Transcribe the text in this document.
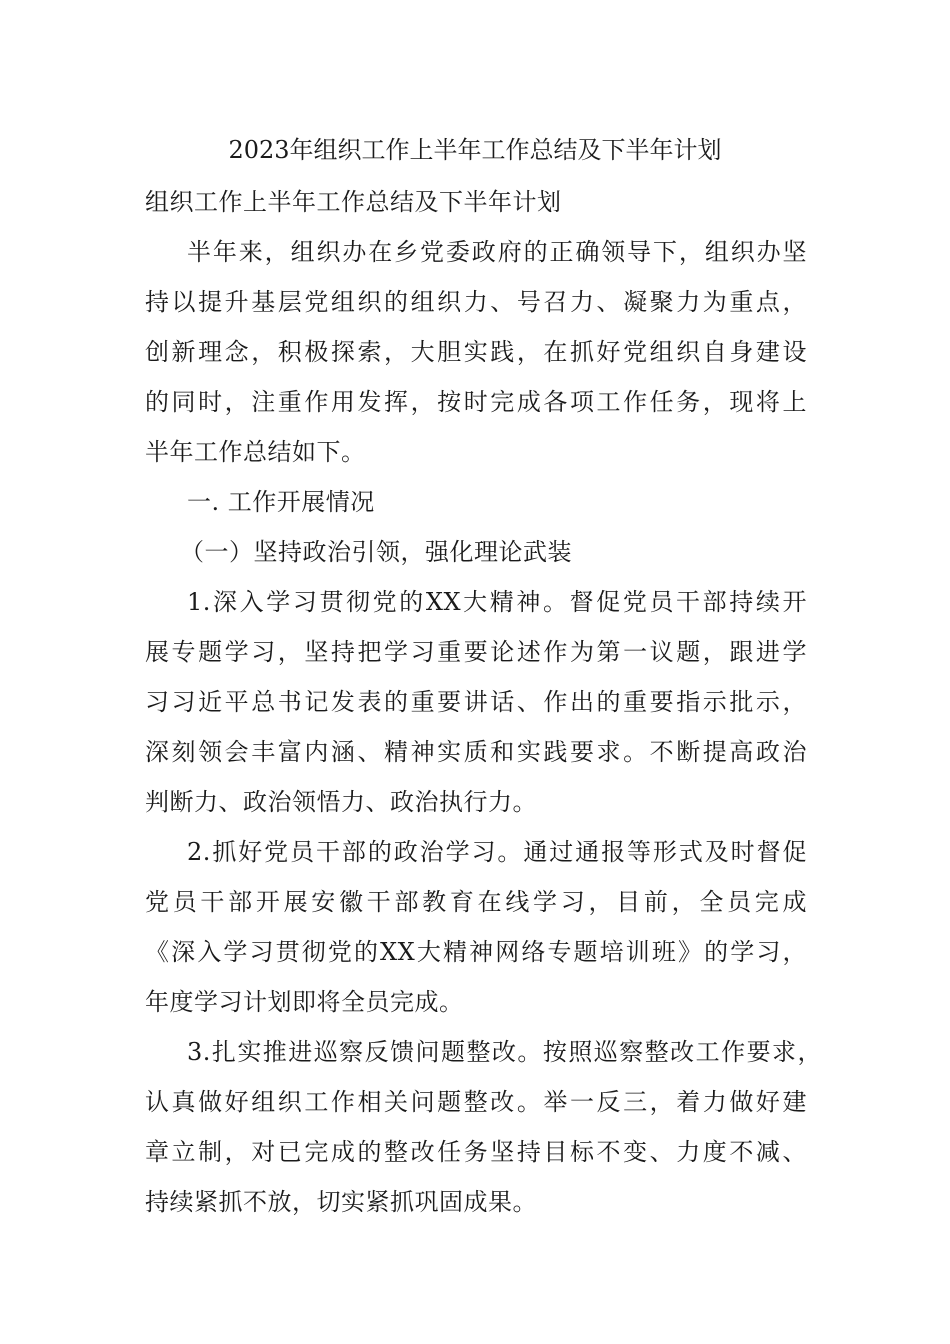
2023年组织工作上半年工作总结及下半年计划
组织工作上半年工作总结及下半年计划
半年来，组织办在乡党委政府的正确领导下，组织办坚
持以提升基层党组织的组织力、号召力、凝聚力为重点，
创新理念，积极探索，大胆实践，在抓好党组织自身建设
的同时，注重作用发挥，按时完成各项工作任务，现将上
半年工作总结如下。
一. 工作开展情况
（一）坚持政治引领，强化理论武装
1.深入学习贯彻党的XX大精神。督促党员干部持续开
展专题学习，坚持把学习重要论述作为第一议题，跟进学
习习近平总书记发表的重要讲话、作出的重要指示批示，
深刻领会丰富内涵、精神实质和实践要求。不断提高政治
判断力、政治领悟力、政治执行力。
2.抓好党员干部的政治学习。通过通报等形式及时督促
党员干部开展安徽干部教育在线学习，目前，全员完成
《深入学习贯彻党的XX大精神网络专题培训班》的学习，
年度学习计划即将全员完成。
3.扎实推进巡察反馈问题整改。按照巡察整改工作要求，
认真做好组织工作相关问题整改。举一反三，着力做好建
章立制，对已完成的整改任务坚持目标不变、力度不减、
持续紧抓不放，切实紧抓巩固成果。
